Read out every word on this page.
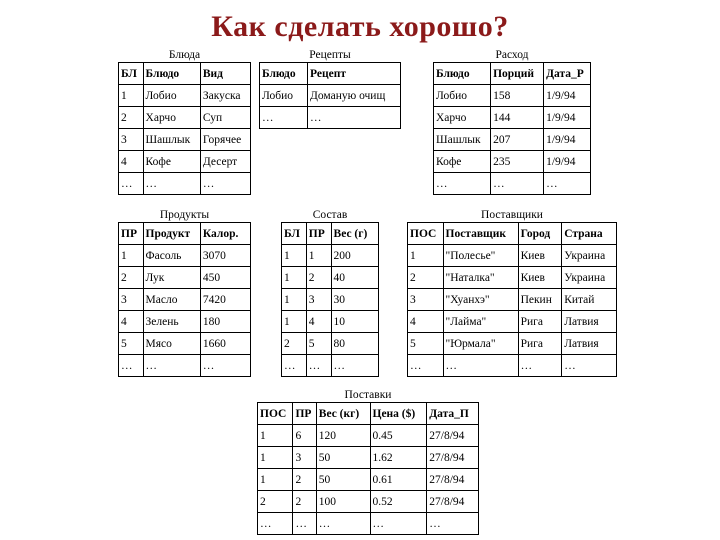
Как сделать хорошо?
Блюда
БЛ	Блюдо	Вид
1	Лобио	Закуска
2	Харчо	Суп
3	Шашлык	Горячее
4	Кофе	Десерт
…	…	…
Рецепты
Блюдо	Рецепт
Лобио	Доманую очищ
…	…
Расход
Блюдо	Порций	Дата_Р
Лобио	158	1/9/94
Харчо	144	1/9/94
Шашлык	207	1/9/94
Кофе	235	1/9/94
…	…	…
Продукты
ПР	Продукт	Калор.
1	Фасоль	3070
2	Лук	450
3	Масло	7420
4	Зелень	180
5	Мясо	1660
…	…	…
Состав
БЛ	ПР	Вес (г)
1	1	200
1	2	40
1	3	30
1	4	10
2	5	80
…	…	…
Поставщики
ПОС	Поставщик	Город	Страна
1	"Полесье"	Киев	Украина
2	"Наталка"	Киев	Украина
3	"Хуанхэ"	Пекин	Китай
4	"Лайма"	Рига	Латвия
5	"Юрмала"	Рига	Латвия
…	…	…	…
Поставки
ПОС	ПР	Вес (кг)	Цена ($)	Дата_П
1	6	120	0.45	27/8/94
1	3	50	1.62	27/8/94
1	2	50	0.61	27/8/94
2	2	100	0.52	27/8/94
…	…	…	…	…
